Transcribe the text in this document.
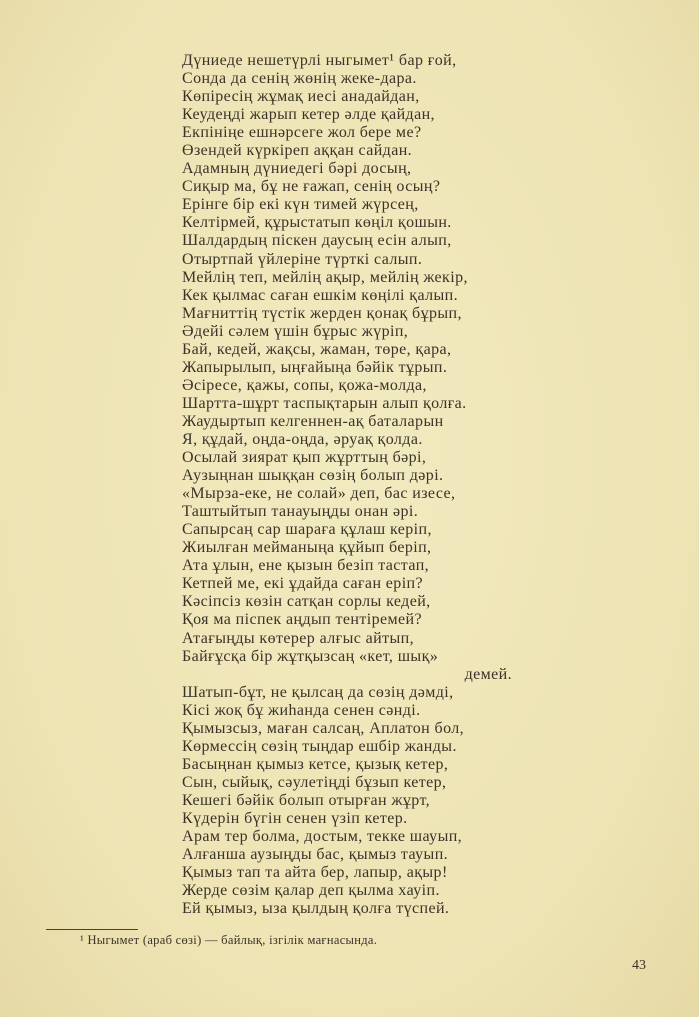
Дүниеде нешетүрлі ныгымет¹ бар ғой,
Сонда да сенің жөнің жеке-дара.
Көпіресің жұмақ иесі анадайдан,
Кеудеңді жарып кетер әлде қайдан,
Екпініңе ешнәрсеге жол бере ме?
Өзендей күркіреп аққан сайдан.
Адамның дүниедегі бәрі досың,
Сиқыр ма, бұ не ғажап, сенің осың?
Ерінге бір екі күн тимей жүрсең,
Келтірмей, құрыстатып көңіл қошын.
Шалдардың піскен даусың есін алып,
Отыртпай үйлеріне түрткі салып.
Мейлің теп, мейлің ақыр, мейлің жекір,
Кек қылмас саған ешкім көңілі қалып.
Мағниттің түстік жерден қонақ бұрып,
Әдейі сәлем үшін бұрыс жүріп,
Бай, кедей, жақсы, жаман, төре, қара,
Жапырылып, ыңғайыңа бәйік тұрып.
Әсіресе, қажы, сопы, қожа-молда,
Шартта-шұрт таспықтарын алып қолға.
Жаудыртып келгеннен-ақ баталарын
Я, құдай, оңда-оңда, әруақ қолда.
Осылай зиярат қып жұрттың бәрі,
Аузыңнан шыққан сөзің болып дәрі.
«Мырза-еке, не солай» деп, бас изесе,
Таштыйтып танауыңды онан әрі.
Сапырсаң сар шараға құлаш керіп,
Жиылған мейманыңа құйып беріп,
Ата ұлын, ене қызын безіп тастап,
Кетпей ме, екі ұдайда саған еріп?
Кәсіпсіз көзін сатқан сорлы кедей,
Қоя ма піспек аңдып тентіремей?
Атағыңды көтерер алғыс айтып,
Байғұсқа бір жұтқызсаң «кет, шық»
демей.
Шатып-бұт, не қылсаң да сөзің дәмді,
Кісі жоқ бұ жиһанда сенен сәнді.
Қымызсыз, маған салсаң, Аплатон бол,
Көрмессің сөзің тыңдар ешбір жанды.
Басыңнан қымыз кетсе, қызық кетер,
Сын, сыйық, сәулетіңді бұзып кетер,
Кешегі бәйік болып отырған жұрт,
Күдерін бүгін сенен үзіп кетер.
Арам тер болма, достым, текке шауып,
Алғанша аузыңды бас, қымыз тауып.
Қымыз тап та айта бер, лапыр, ақыр!
Жерде сөзім қалар деп қылма хауіп.
Ей қымыз, ыза қылдың қолға түспей.
¹ Ныгымет (араб сөзі) — байлық, ізгілік мағнасында.
43
